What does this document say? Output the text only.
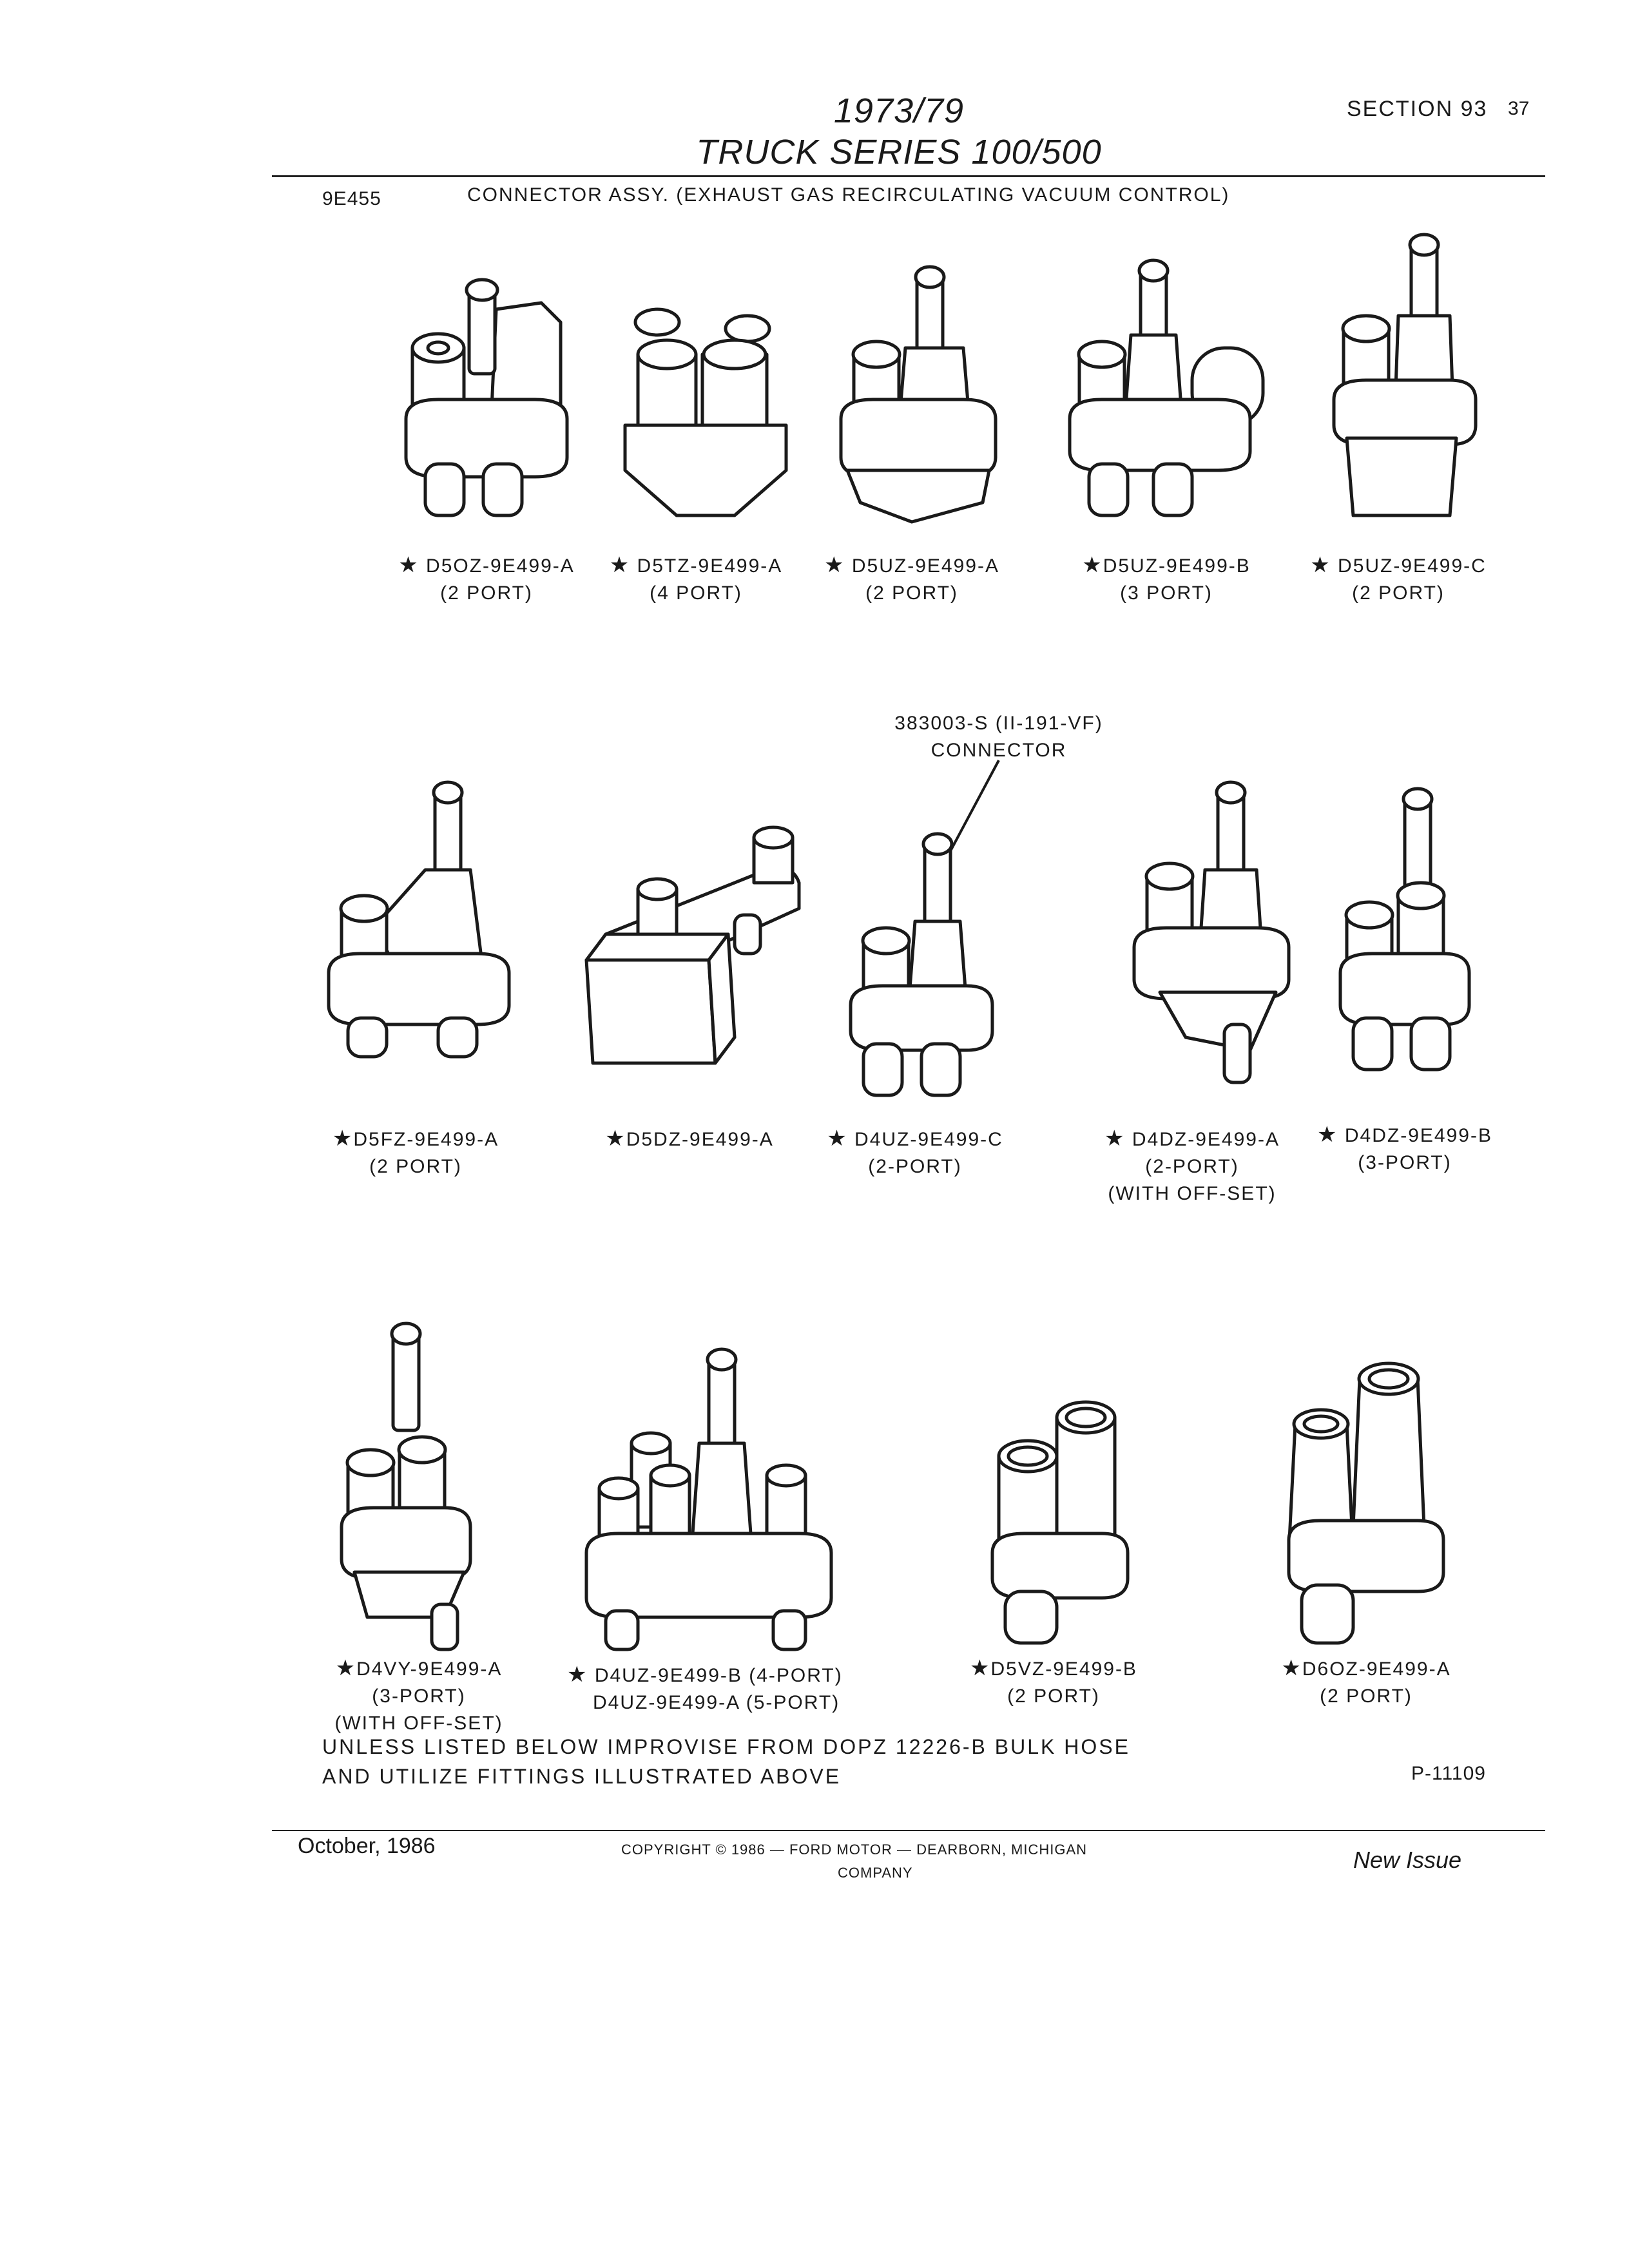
1973/79
TRUCK SERIES 100/500
SECTION 93 37
9E455	CONNECTOR ASSY. (EXHAUST GAS RECIRCULATING VACUUM CONTROL)
★ D5OZ-9E499-A
(2 PORT)
★ D5TZ-9E499-A
(4 PORT)
★ D5UZ-9E499-A
(2 PORT)
★D5UZ-9E499-B
(3 PORT)
★ D5UZ-9E499-C
(2 PORT)
383003-S (II-191-VF)
CONNECTOR
★D5FZ-9E499-A
(2 PORT)
★D5DZ-9E499-A	★ D4UZ-9E499-C
(2-PORT)
★ D4DZ-9E499-A
(2-PORT)
(WITH OFF-SET)
★ D4DZ-9E499-B
(3-PORT)
★D4VY-9E499-A
(3-PORT)
(WITH OFF-SET)
★ D4UZ-9E499-B (4-PORT)
D4UZ-9E499-A (5-PORT)
★D5VZ-9E499-B
(2 PORT)
★D6OZ-9E499-A
(2 PORT)
UNLESS LISTED BELOW IMPROVISE FROM DOPZ 12226-B BULK HOSE
AND UTILIZE FITTINGS ILLUSTRATED ABOVE	P-11109
October, 1986	COPYRIGHT © 1986 — FORD MOTOR — DEARBORN, MICHIGAN
COMPANY	New Issue
